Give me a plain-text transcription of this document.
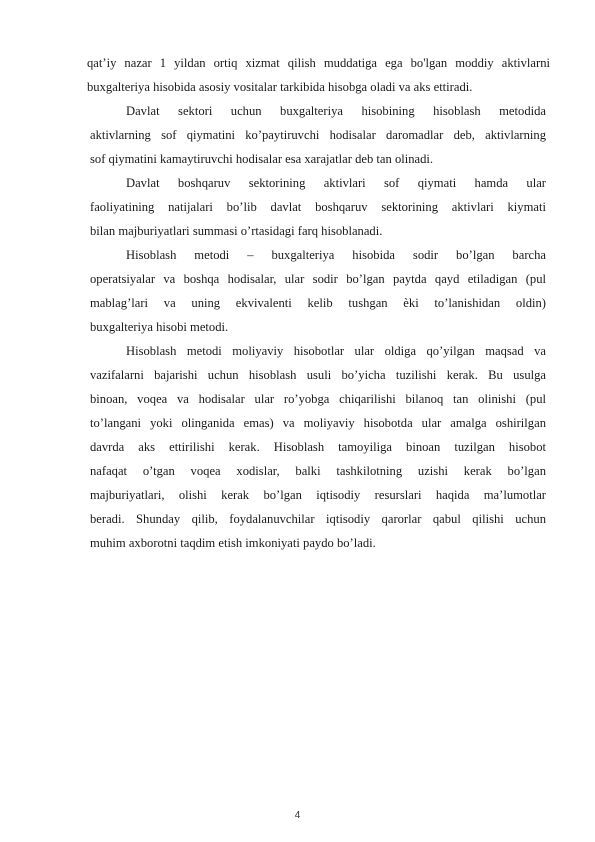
qat’iy nazar 1 yildan ortiq xizmat qilish muddatiga ega bo'lgan moddiy aktivlarni
buxgalteriya hisobida asosiy vositalar tarkibida hisobga oladi va aks ettiradi.
Davlat sektori uchun buxgalteriya hisobining hisoblash metodida
aktivlarning sof qiymatini ko’paytiruvchi hodisalar daromadlar deb, aktivlarning
sof qiymatini kamaytiruvchi hodisalar esa xarajatlar deb tan olinadi.
Davlat boshqaruv sektorining aktivlari sof qiymati hamda ular
faoliyatining natijalari bo’lib davlat boshqaruv sektorining aktivlari kiymati
bilan majburiyatlari summasi o’rtasidagi farq hisoblanadi.
Hisoblash metodi – buxgalteriya hisobida sodir bo’lgan barcha
operatsiyalar va boshqa hodisalar, ular sodir bo’lgan paytda qayd etiladigan (pul
mablag’lari va uning ekvivalenti kelib tushgan ѐki to’lanishidan oldin)
buxgalteriya hisobi metodi.
Hisoblash metodi moliyaviy hisobotlar ular oldiga qo’yilgan maqsad va
vazifalarni bajarishi uchun hisoblash usuli bo’yicha tuzilishi kerak. Bu usulga
binoan, voqea va hodisalar ular ro’yobga chiqarilishi bilanoq tan olinishi (pul
to’langani yoki olinganida emas) va moliyaviy hisobotda ular amalga oshirilgan
davrda aks ettirilishi kerak. Hisoblash tamoyiliga binoan tuzilgan hisobot
nafaqat o’tgan voqea xodislar, balki tashkilotning uzishi kerak bo’lgan
majburiyatlari, olishi kerak bo’lgan iqtisodiy resurslari haqida ma’lumotlar
beradi. Shunday qilib, foydalanuvchilar iqtisodiy qarorlar qabul qilishi uchun
muhim axborotni taqdim etish imkoniyati paydo bo’ladi.
4
